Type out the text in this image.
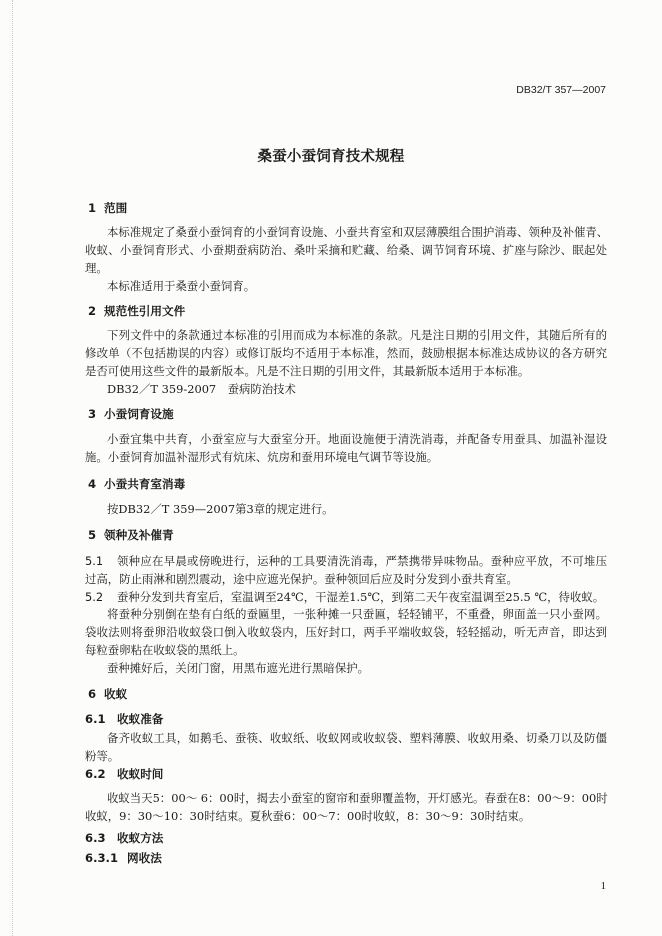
DB32/T 357—2007
桑蚕小蚕饲育技术规程
1 范围
本标准规定了桑蚕小蚕饲育的小蚕饲育设施、小蚕共育室和双层薄膜组合围护消毒、领种及补催青、
收蚁、小蚕饲育形式、小蚕期蚕病防治、桑叶采摘和贮藏、给桑、调节饲育环境、扩座与除沙、眠起处
理。
本标准适用于桑蚕小蚕饲育。
2 规范性引用文件
下列文件中的条款通过本标准的引用而成为本标准的条款。凡是注日期的引用文件，其随后所有的
修改单（不包括勘误的内容）或修订版均不适用于本标准，然而，鼓励根据本标准达成协议的各方研究
是否可使用这些文件的最新版本。凡是不注日期的引用文件，其最新版本适用于本标准。
DB32／T 359-2007　蚕病防治技术
3 小蚕饲育设施
小蚕宜集中共育，小蚕室应与大蚕室分开。地面设施便于清洗消毒，并配备专用蚕具、加温补湿设
施。小蚕饲育加温补湿形式有炕床、炕房和蚕用环境电气调节等设施。
4 小蚕共育室消毒
按DB32／T 359—2007第3章的规定进行。
5 领种及补催青
5.1 领种应在早晨或傍晚进行，运种的工具要清洗消毒，严禁携带异味物品。蚕种应平放，不可堆压
过高，防止雨淋和剧烈震动，途中应遮光保护。蚕种领回后应及时分发到小蚕共育室。
5.2 蚕种分发到共育室后，室温调至24℃，干湿差1.5℃，到第二天午夜室温调至25.5 ℃，待收蚁。
将蚕种分别倒在垫有白纸的蚕匾里，一张种摊一只蚕匾，轻轻铺平，不重叠，卵面盖一只小蚕网。
袋收法则将蚕卵沿收蚁袋口倒入收蚁袋内，压好封口，两手平端收蚁袋，轻轻摇动，听无声音，即达到
每粒蚕卵粘在收蚁袋的黑纸上。
蚕种摊好后，关闭门窗，用黑布遮光进行黑暗保护。
6 收蚁
6.1 收蚁准备
备齐收蚁工具，如鹅毛、蚕筷、收蚁纸、收蚁网或收蚁袋、塑料薄膜、收蚁用桑、切桑刀以及防僵
粉等。
6.2 收蚁时间
收蚁当天5：00～ 6：00时，揭去小蚕室的窗帘和蚕卵覆盖物，开灯感光。春蚕在8：00～9：00时
收蚁，9：30～10：30时结束。夏秋蚕6：00～7：00时收蚁，8：30～9：30时结束。
6.3 收蚁方法
6.3.1 网收法
1
